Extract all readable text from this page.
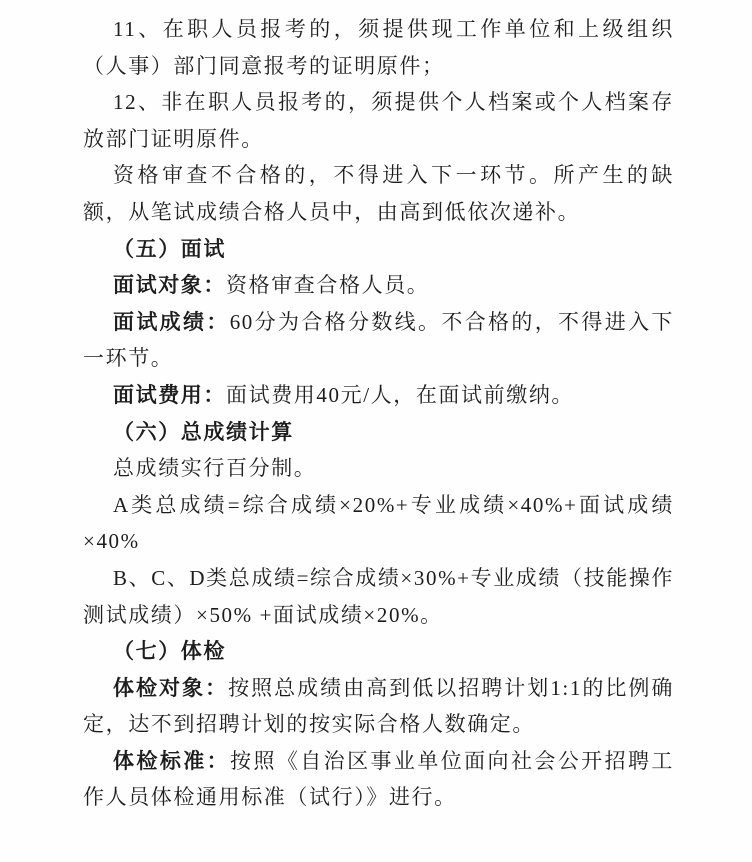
11、在职人员报考的，须提供现工作单位和上级组织（人事）部门同意报考的证明原件；

12、非在职人员报考的，须提供个人档案或个人档案存放部门证明原件。

资格审查不合格的，不得进入下一环节。所产生的缺额，从笔试成绩合格人员中，由高到低依次递补。

（五）面试

面试对象：资格审查合格人员。

面试成绩：60分为合格分数线。不合格的，不得进入下一环节。

面试费用：面试费用40元/人，在面试前缴纳。

（六）总成绩计算

总成绩实行百分制。

A类总成绩=综合成绩×20%+专业成绩×40%+面试成绩×40%

B、C、D类总成绩=综合成绩×30%+专业成绩（技能操作测试成绩）×50% +面试成绩×20%。

（七）体检

体检对象：按照总成绩由高到低以招聘计划1:1的比例确定，达不到招聘计划的按实际合格人数确定。

体检标准：按照《自治区事业单位面向社会公开招聘工作人员体检通用标准（试行）》进行。
